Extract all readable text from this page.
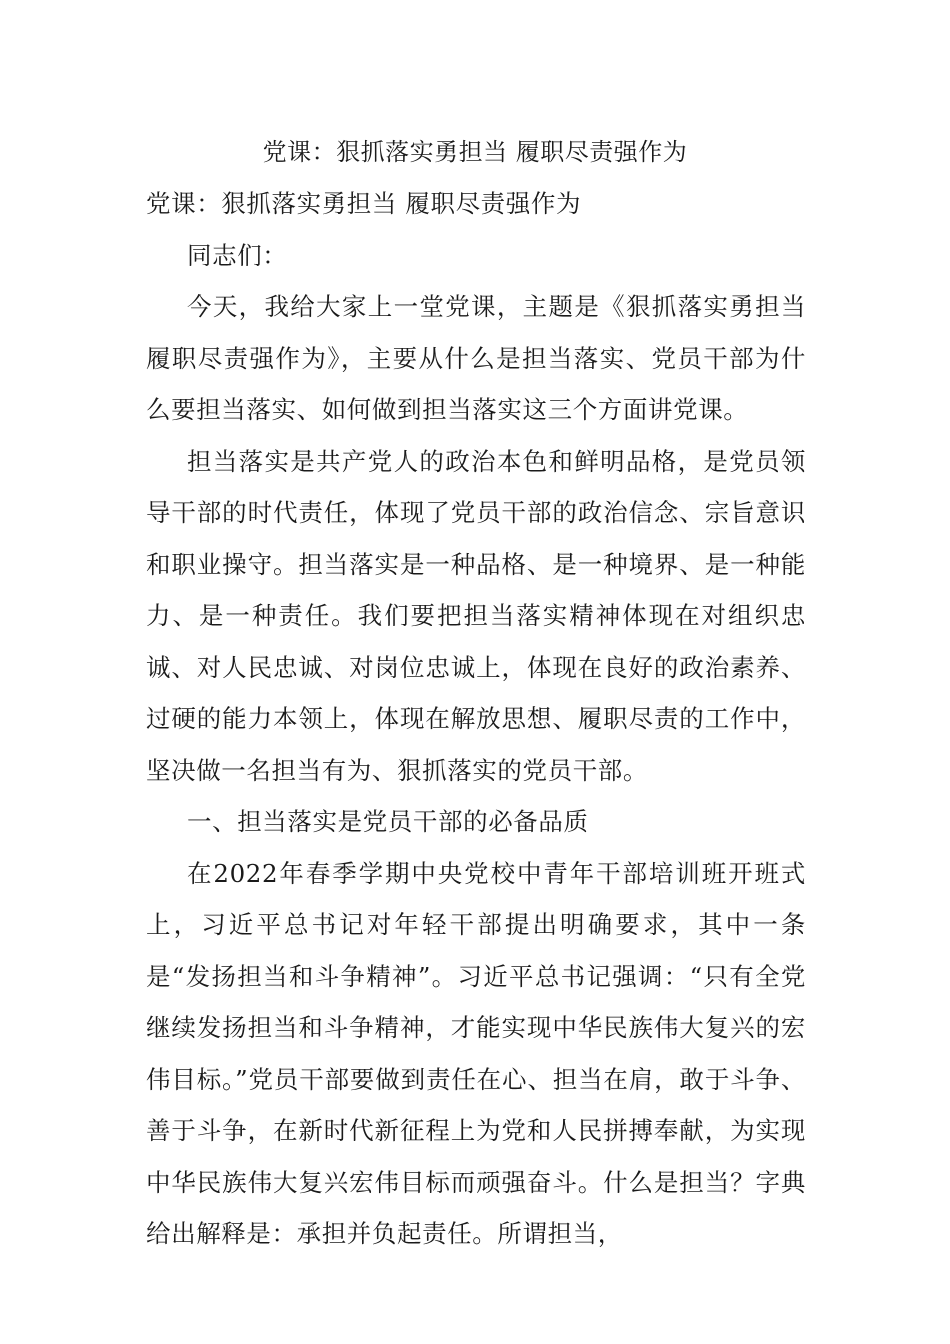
党课：狠抓落实勇担当 履职尽责强作为

党课：狠抓落实勇担当 履职尽责强作为

同志们：

今天，我给大家上一堂党课，主题是《狠抓落实勇担当 履职尽责强作为》，主要从什么是担当落实、党员干部为什么要担当落实、如何做到担当落实这三个方面讲党课。

担当落实是共产党人的政治本色和鲜明品格，是党员领导干部的时代责任，体现了党员干部的政治信念、宗旨意识和职业操守。担当落实是一种品格、是一种境界、是一种能力、是一种责任。我们要把担当落实精神体现在对组织忠诚、对人民忠诚、对岗位忠诚上，体现在良好的政治素养、过硬的能力本领上，体现在解放思想、履职尽责的工作中，坚决做一名担当有为、狠抓落实的党员干部。

一、担当落实是党员干部的必备品质

在2022年春季学期中央党校中青年干部培训班开班式上，习近平总书记对年轻干部提出明确要求，其中一条是“发扬担当和斗争精神”。习近平总书记强调：“只有全党继续发扬担当和斗争精神，才能实现中华民族伟大复兴的宏伟目标。”党员干部要做到责任在心、担当在肩，敢于斗争、善于斗争，在新时代新征程上为党和人民拼搏奉献，为实现中华民族伟大复兴宏伟目标而顽强奋斗。什么是担当？字典给出解释是：承担并负起责任。所谓担当，
